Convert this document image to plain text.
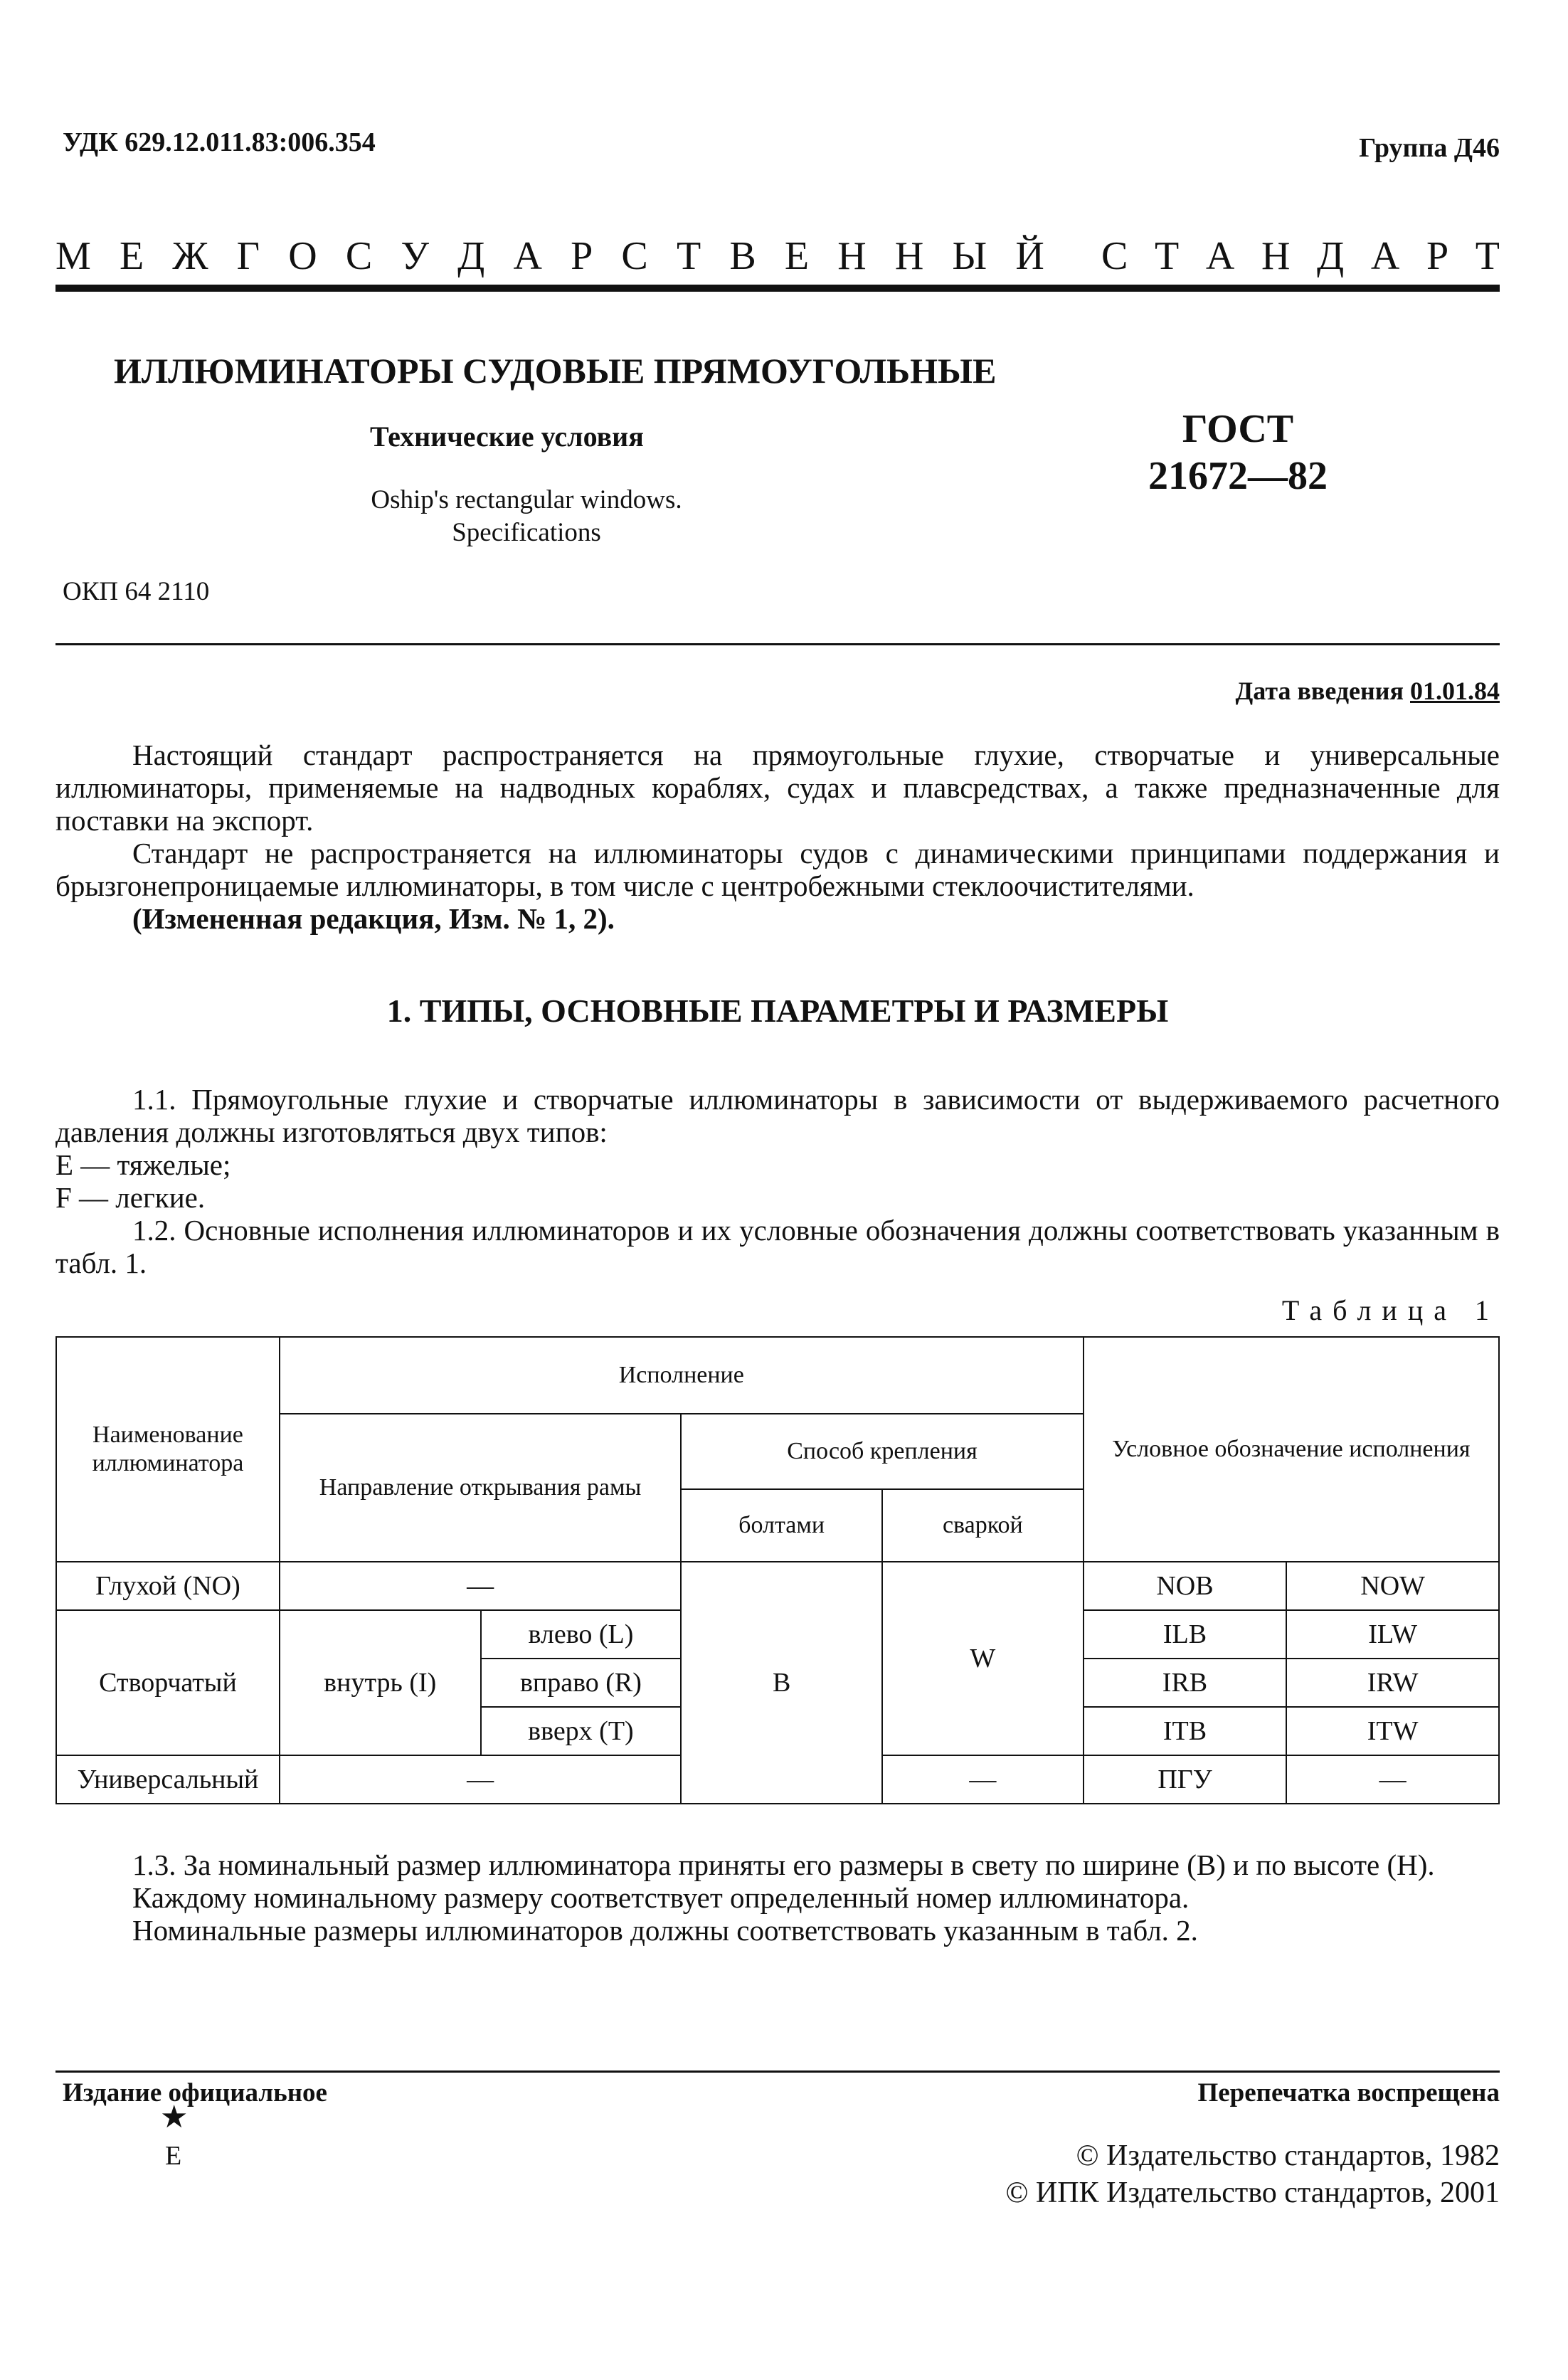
УДК 629.12.011.83:006.354	Группа Д46
М Е Ж Г О С У Д А Р С Т В Е Н Н Ы Й С Т А Н Д А Р Т
ИЛЛЮМИНАТОРЫ СУДОВЫЕ ПРЯМОУГОЛЬНЫЕ
Технические условия
Oship's rectangular windows.
Specifications
ГОСТ
21672—82
ОКП 64 2110
Дата введения 01.01.84

Настоящий стандарт распространяется на прямоугольные глухие, створчатые и универсальные иллюминаторы, применяемые на надводных кораблях, судах и плавсредствах, а также предназначенные для поставки на экспорт.

Стандарт не распространяется на иллюминаторы судов с динамическими принципами поддержания и брызгонепроницаемые иллюминаторы, в том числе с центробежными стеклоочистителями.

(Измененная редакция, Изм. № 1, 2).

1. ТИПЫ, ОСНОВНЫЕ ПАРАМЕТРЫ И РАЗМЕРЫ

1.1. Прямоугольные глухие и створчатые иллюминаторы в зависимости от выдерживаемого расчетного давления должны изготовляться двух типов:

Е — тяжелые;

F — легкие.

1.2. Основные исполнения иллюминаторов и их условные обозначения должны соответствовать указанным в табл. 1.

Таблица 1
Наименование иллюминатора	Исполнение				Условное обозначение исполнения	
	Направление открывания рамы		Способ крепления			
			болтами	сваркой		
Глухой (NO)	—		B	W	NOB	NOW
Створчатый	внутрь (I)	влево (L)			ILB	ILW
		вправо (R)			IRB	IRW
		вверх (T)			ITB	ITW
Универсальный	—			—	ПГУ	—

1.3. За номинальный размер иллюминатора приняты его размеры в свету по ширине (B) и по высоте (H).

Каждому номинальному размеру соответствует определенный номер иллюминатора.

Номинальные размеры иллюминаторов должны соответствовать указанным в табл. 2.

Издание официальное	Перепечатка воспрещена
★
Е	© Издательство стандартов, 1982
© ИПК Издательство стандартов, 2001
